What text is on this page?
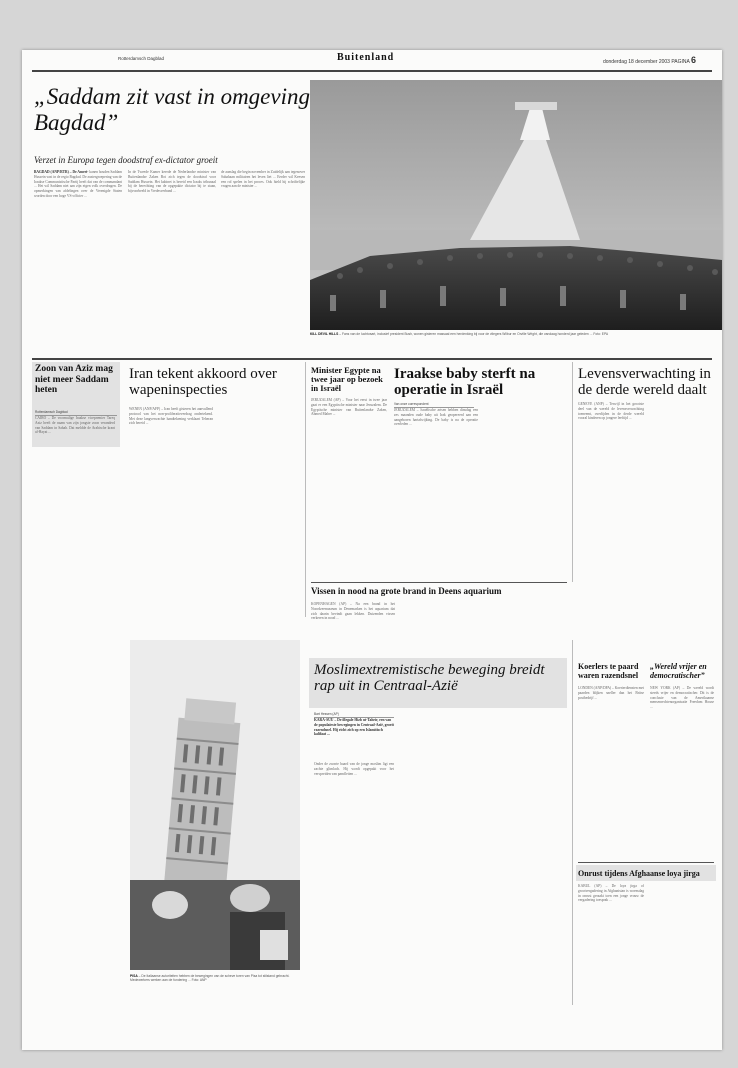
Rotterdamsch Dagblad	Buitenland	donderdag 18 december 2003 PAGINA 6
„Saddam zit vast in omgeving Bagdad”
Verzet in Europa tegen doodstraf ex-dictator groeit
BAGDAD (ANP/RTR) – De Ameri- kanen houden Saddam Hussein vast in de regio Bagdad. De zustergroepering van de Iraakse Communistische Partij heeft dat van de commandant ... Het wil Saddam niet aan zijn eigen volk overdragen. De opmerkingen van afdelingen over de Verenigde Staten worden door een hoge VS-officier ...
In de Tweede Kamer keerde de Nederlandse minister van Buitenlandse Zaken Bot zich tegen de doodstraf voor Saddam Hussein. Het kabinet is bereid een Iraaks tribunaal bij de berechting van de opgepakte dictator bij te staan, bijvoorbeeld in Vredesverband ...
de aanslag die begin november in Zuidelijk aan tegenover Sabahaan militairen het leven liet ... Eerder wil Keesen een rol spelen in het proces. Ook hield hij schriftelijke vragen aan de minister ...
KILL DEVIL HILLS – Fans van de luchtvaart, inclusief president Bush, wonen gisteren massaal een herdenking bij voor de vliegers Wilbur en Orville Wright, die vandaag honderd jaar geleden ... Foto: EPA
Zoon van Aziz mag niet meer Saddam heten
Rotterdamsch Dagblad
CAIRO – De voormalige Iraakse vicepremier Tareq Aziz heeft de naam van zijn jongste zoon veranderd van Saddam in Sabah. Dat meldde de Arabische krant al-Hayat ...
Iran tekent akkoord over wapeninspecties
WENEN (ANP/AFP) – Iran heeft gisteren het aanvullend protocol van het non-proliferatieverdrag ondertekend. Met deze langverwachte handtekening verklaart Teheran zich bereid ...
Minister Egypte na twee jaar op bezoek in Israël
JERUZALEM (AP) – Voor het eerst in twee jaar gaat er een Egyptische minister naar Jeruzalem. De Egyptische minister van Buitenlandse Zaken, Ahmed Maher ...
Iraakse baby sterft na operatie in Israël
Van onze correspondent
JERUZALEM – Israëlische artsen hebben dinsdag een zes maanden oude baby uit Irak geopereerd aan een aangeboren hartafwijking. De baby is na de operatie overleden ...
Levensverwachting in de derde wereld daalt
GENEVE (ANP) – Terwijl in het grootste deel van de wereld de levensverwachting toeneemt, overlijden in de derde wereld vooral kinderen op jongere leeftijd ...
Vissen in nood na grote brand in Deens aquarium
KOPENHAGEN (AP) – Na een brand in het Noordzeemuseum in Denemarken is het aquarium dat zich daarin bevindt gaan lekken. Duizenden vissen verkeren in nood ...
PISA – De Italiaanse autoriteiten hebben de bewegingen van de scheve toren van Pisa tot stilstand gebracht. Medewerkers werken aan de fundering ... Foto: ANP
Moslimextremistische beweging breidt rap uit in Centraal-Azië
Bart Hessen (AP)
KARA-SUU – De illegale Hizb ut-Tahrir, een van de populairste bewegingen in Centraal-Azië, groeit razendsnel. Hij richt zich op een Islamitisch kalifaat ...
Onder de zwarte baard van de jonge moslim ligt een zachte glimlach. Hij wordt opgepakt voor het verspreiden van pamfletten ...
Koerlers te paard waren razendsnel
LONDEN (ANP/DPA) – Koerierdiensten met paarden blijken sneller dan het Britse postbedrijf ...
„Wereld vrijer en democratischer”
NEW YORK (AP) – De wereld wordt steeds vrijer en democratischer. Dit is de conclusie van de Amerikaanse mensenrechtenorganisatie Freedom House ...
Onrust tijdens Afghaanse loya jirga
KABUL (AP) – De loya jirga of grootvergadering in Afghanistan is woensdag in onrust geraakt toen een jonge vrouw de vergadering toesprak ...
